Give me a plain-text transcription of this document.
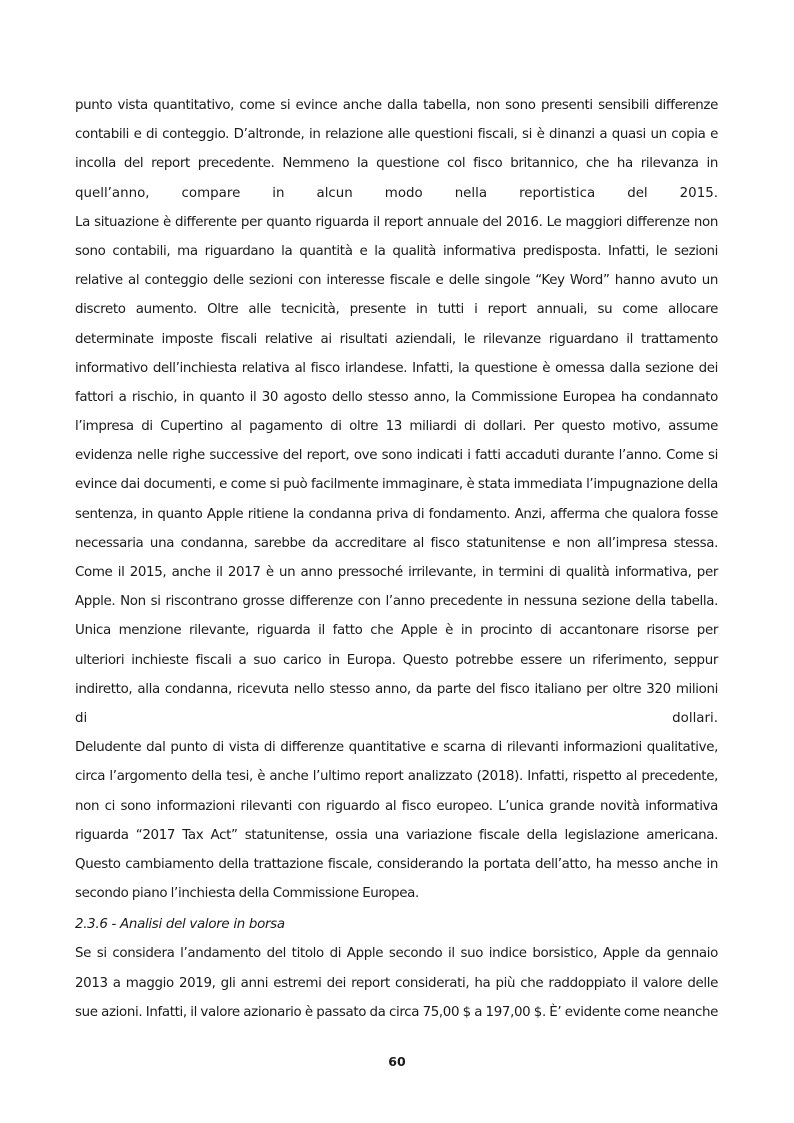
punto vista quantitativo, come si evince anche dalla tabella, non sono presenti sensibili differenze
contabili e di conteggio. D’altronde, in relazione alle questioni fiscali, si è dinanzi a quasi un copia e
incolla del report precedente. Nemmeno la questione col fisco britannico, che ha rilevanza in
quell’anno, compare in alcun modo nella reportistica del 2015.
La situazione è differente per quanto riguarda il report annuale del 2016. Le maggiori differenze non
sono contabili, ma riguardano la quantità e la qualità informativa predisposta. Infatti, le sezioni
relative al conteggio delle sezioni con interesse fiscale e delle singole “Key Word” hanno avuto un
discreto aumento. Oltre alle tecnicità, presente in tutti i report annuali, su come allocare
determinate imposte fiscali relative ai risultati aziendali, le rilevanze riguardano il trattamento
informativo dell’inchiesta relativa al fisco irlandese. Infatti, la questione è omessa dalla sezione dei
fattori a rischio, in quanto il 30 agosto dello stesso anno, la Commissione Europea ha condannato
l’impresa di Cupertino al pagamento di oltre 13 miliardi di dollari. Per questo motivo, assume
evidenza nelle righe successive del report, ove sono indicati i fatti accaduti durante l’anno. Come si
evince dai documenti, e come si può facilmente immaginare, è stata immediata l’impugnazione della
sentenza, in quanto Apple ritiene la condanna priva di fondamento. Anzi, afferma che qualora fosse
necessaria una condanna, sarebbe da accreditare al fisco statunitense e non all’impresa stessa.
Come il 2015, anche il 2017 è un anno pressoché irrilevante, in termini di qualità informativa, per
Apple. Non si riscontrano grosse differenze con l’anno precedente in nessuna sezione della tabella.
Unica menzione rilevante, riguarda il fatto che Apple è in procinto di accantonare risorse per
ulteriori inchieste fiscali a suo carico in Europa. Questo potrebbe essere un riferimento, seppur
indiretto, alla condanna, ricevuta nello stesso anno, da parte del fisco italiano per oltre 320 milioni
di dollari.
Deludente dal punto di vista di differenze quantitative e scarna di rilevanti informazioni qualitative,
circa l’argomento della tesi, è anche l’ultimo report analizzato (2018). Infatti, rispetto al precedente,
non ci sono informazioni rilevanti con riguardo al fisco europeo. L’unica grande novità informativa
riguarda “2017 Tax Act” statunitense, ossia una variazione fiscale della legislazione americana.
Questo cambiamento della trattazione fiscale, considerando la portata dell’atto, ha messo anche in
secondo piano l’inchiesta della Commissione Europea.
2.3.6 - Analisi del valore in borsa
Se si considera l’andamento del titolo di Apple secondo il suo indice borsistico, Apple da gennaio
2013 a maggio 2019, gli anni estremi dei report considerati, ha più che raddoppiato il valore delle
sue azioni. Infatti, il valore azionario è passato da circa 75,00 $ a 197,00 $. È’ evidente come neanche
60
